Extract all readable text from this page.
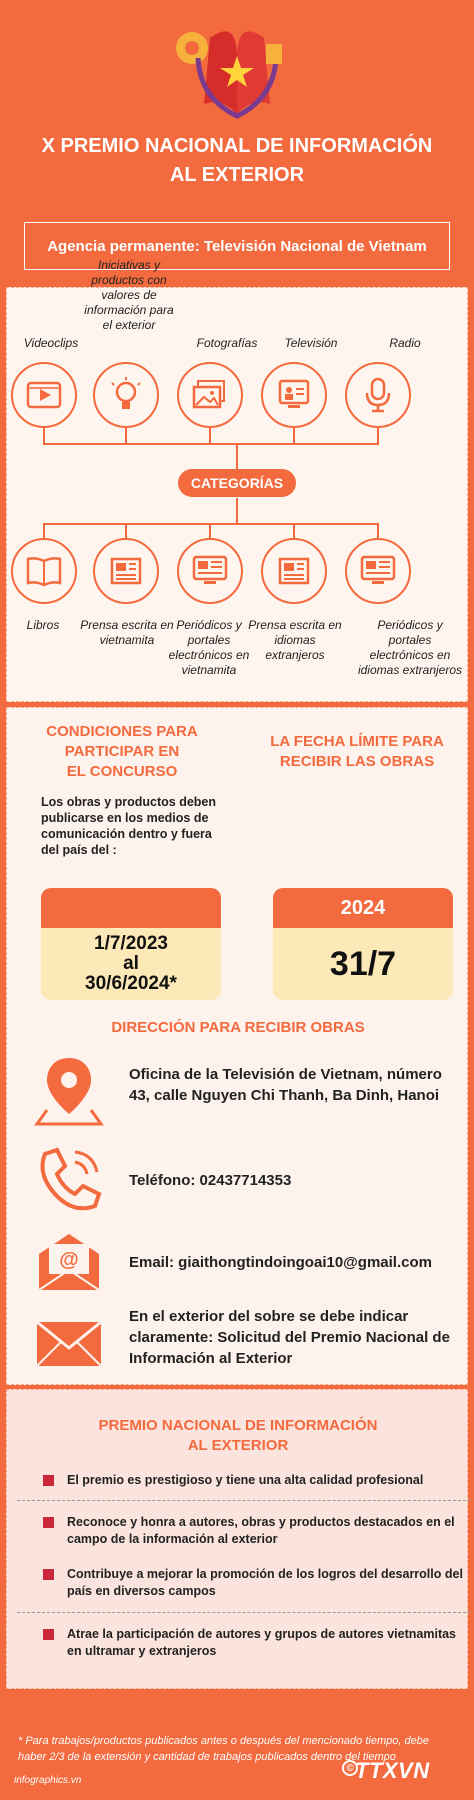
X PREMIO NACIONAL DE INFORMACIÓN
AL EXTERIOR
Agencia permanente: Televisión Nacional de Vietnam
Videoclips
Iniciativas y productos con valores de información para el exterior
Fotografías	Televisión	Radio
Libros	Prensa escrita en vietnamita
Periódicos y portales electrónicos en vietnamita
Prensa escrita en idiomas extranjeros
Periódicos y portales electrónicos en idiomas extranjeros
CATEGORÍAS
CONDICIONES PARA
PARTICIPAR EN
EL CONCURSO
Los obras y productos deben publicarse en los medios de comunicación dentro y fuera del país del :
LA FECHA LÍMITE PARA
RECIBIR LAS OBRAS
1/7/2023
al
30/6/2024*
2024
31/7
DIRECCIÓN PARA RECIBIR OBRAS
Oficina de la Televisión de Vietnam, número 43, calle Nguyen Chi Thanh, Ba Dinh, Hanoi
Teléfono: 02437714353
@	Email: giaithongtindoingoai10@gmail.com
En el exterior del sobre se debe indicar claramente: Solicitud del Premio Nacional de Información al Exterior
PREMIO NACIONAL DE INFORMACIÓN
AL EXTERIOR
El premio es prestigioso y tiene una alta calidad profesional
Reconoce y honra a autores, obras y productos destacados en el campo de la información al exterior
Contribuye a mejorar la promoción de los logros del desarrollo del país en diversos campos
Atrae la participación de autores y grupos de autores vietnamitas en ultramar y extranjeros
* Para trabajos/productos publicados antes o después del mencionado tiempo, debe haber 2/3 de la extensión y cantidad de trabajos publicados dentro del tiempo
infographics.vn
© TTXVN
